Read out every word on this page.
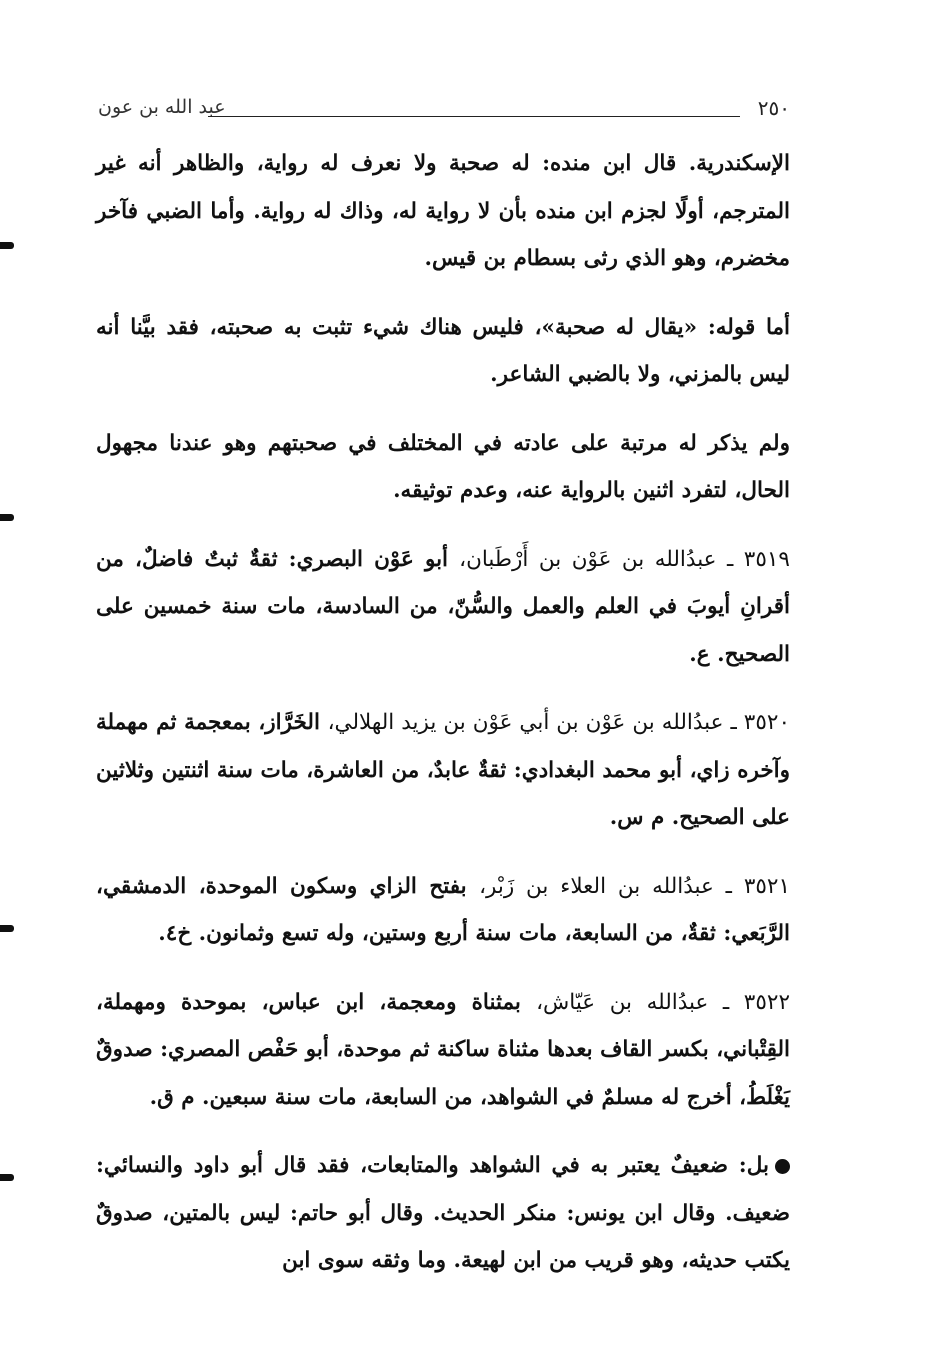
٢٥٠
عبد الله بن عون

الإسكندرية. قال ابن منده: له صحبة ولا نعرف له رواية، والظاهر أنه غير المترجم، أولًا لجزم ابن منده بأن لا رواية له، وذاك له رواية. وأما الضبي فآخر مخضرم، وهو الذي رثى بسطام بن قيس.

أما قوله: «يقال له صحبة»، فليس هناك شيء تثبت به صحبته، فقد بيَّنا أنه ليس بالمزني، ولا بالضبي الشاعر.

ولم يذكر له مرتبة على عادته في المختلف في صحبتهم وهو عندنا مجهول الحال، لتفرد اثنين بالرواية عنه، وعدم توثيقه.

٣٥١٩ ـ عبدُالله بن عَوْن بن أَرْطَبان، أبو عَوْن البصري: ثقةٌ ثبتٌ فاضلٌ، من أقرانِ أيوبَ في العلم والعمل والسُّنّ، من السادسة، مات سنة خمسين على الصحيح. ع.

٣٥٢٠ ـ عبدُالله بن عَوْن بن أبي عَوْن بن يزيد الهلالي، الخَرَّاز، بمعجمة ثم مهملة وآخره زاي، أبو محمد البغدادي: ثقةٌ عابدٌ، من العاشرة، مات سنة اثنتين وثلاثين على الصحيح. م س.

٣٥٢١ ـ عبدُالله بن العلاء بن زَبْر، بفتح الزاي وسكون الموحدة، الدمشقي، الرَّبَعي: ثقةٌ، من السابعة، مات سنة أربع وستين، وله تسع وثمانون. خ٤.

٣٥٢٢ ـ عبدُالله بن عَيّاش، بمثناة ومعجمة، ابن عباس، بموحدة ومهملة، القِتْباني، بكسر القاف بعدها مثناة ساكنة ثم موحدة، أبو حَفْص المصري: صدوقٌ يَغْلَطُ، أخرج له مسلمٌ في الشواهد، من السابعة، مات سنة سبعين. م ق.

بل: ضعيفٌ يعتبر به في الشواهد والمتابعات، فقد قال أبو داود والنسائي: ضعيف. وقال ابن يونس: منكر الحديث. وقال أبو حاتم: ليس بالمتين، صدوقٌ يكتب حديثه، وهو قريب من ابن لهيعة. وما وثقه سوى ابن
